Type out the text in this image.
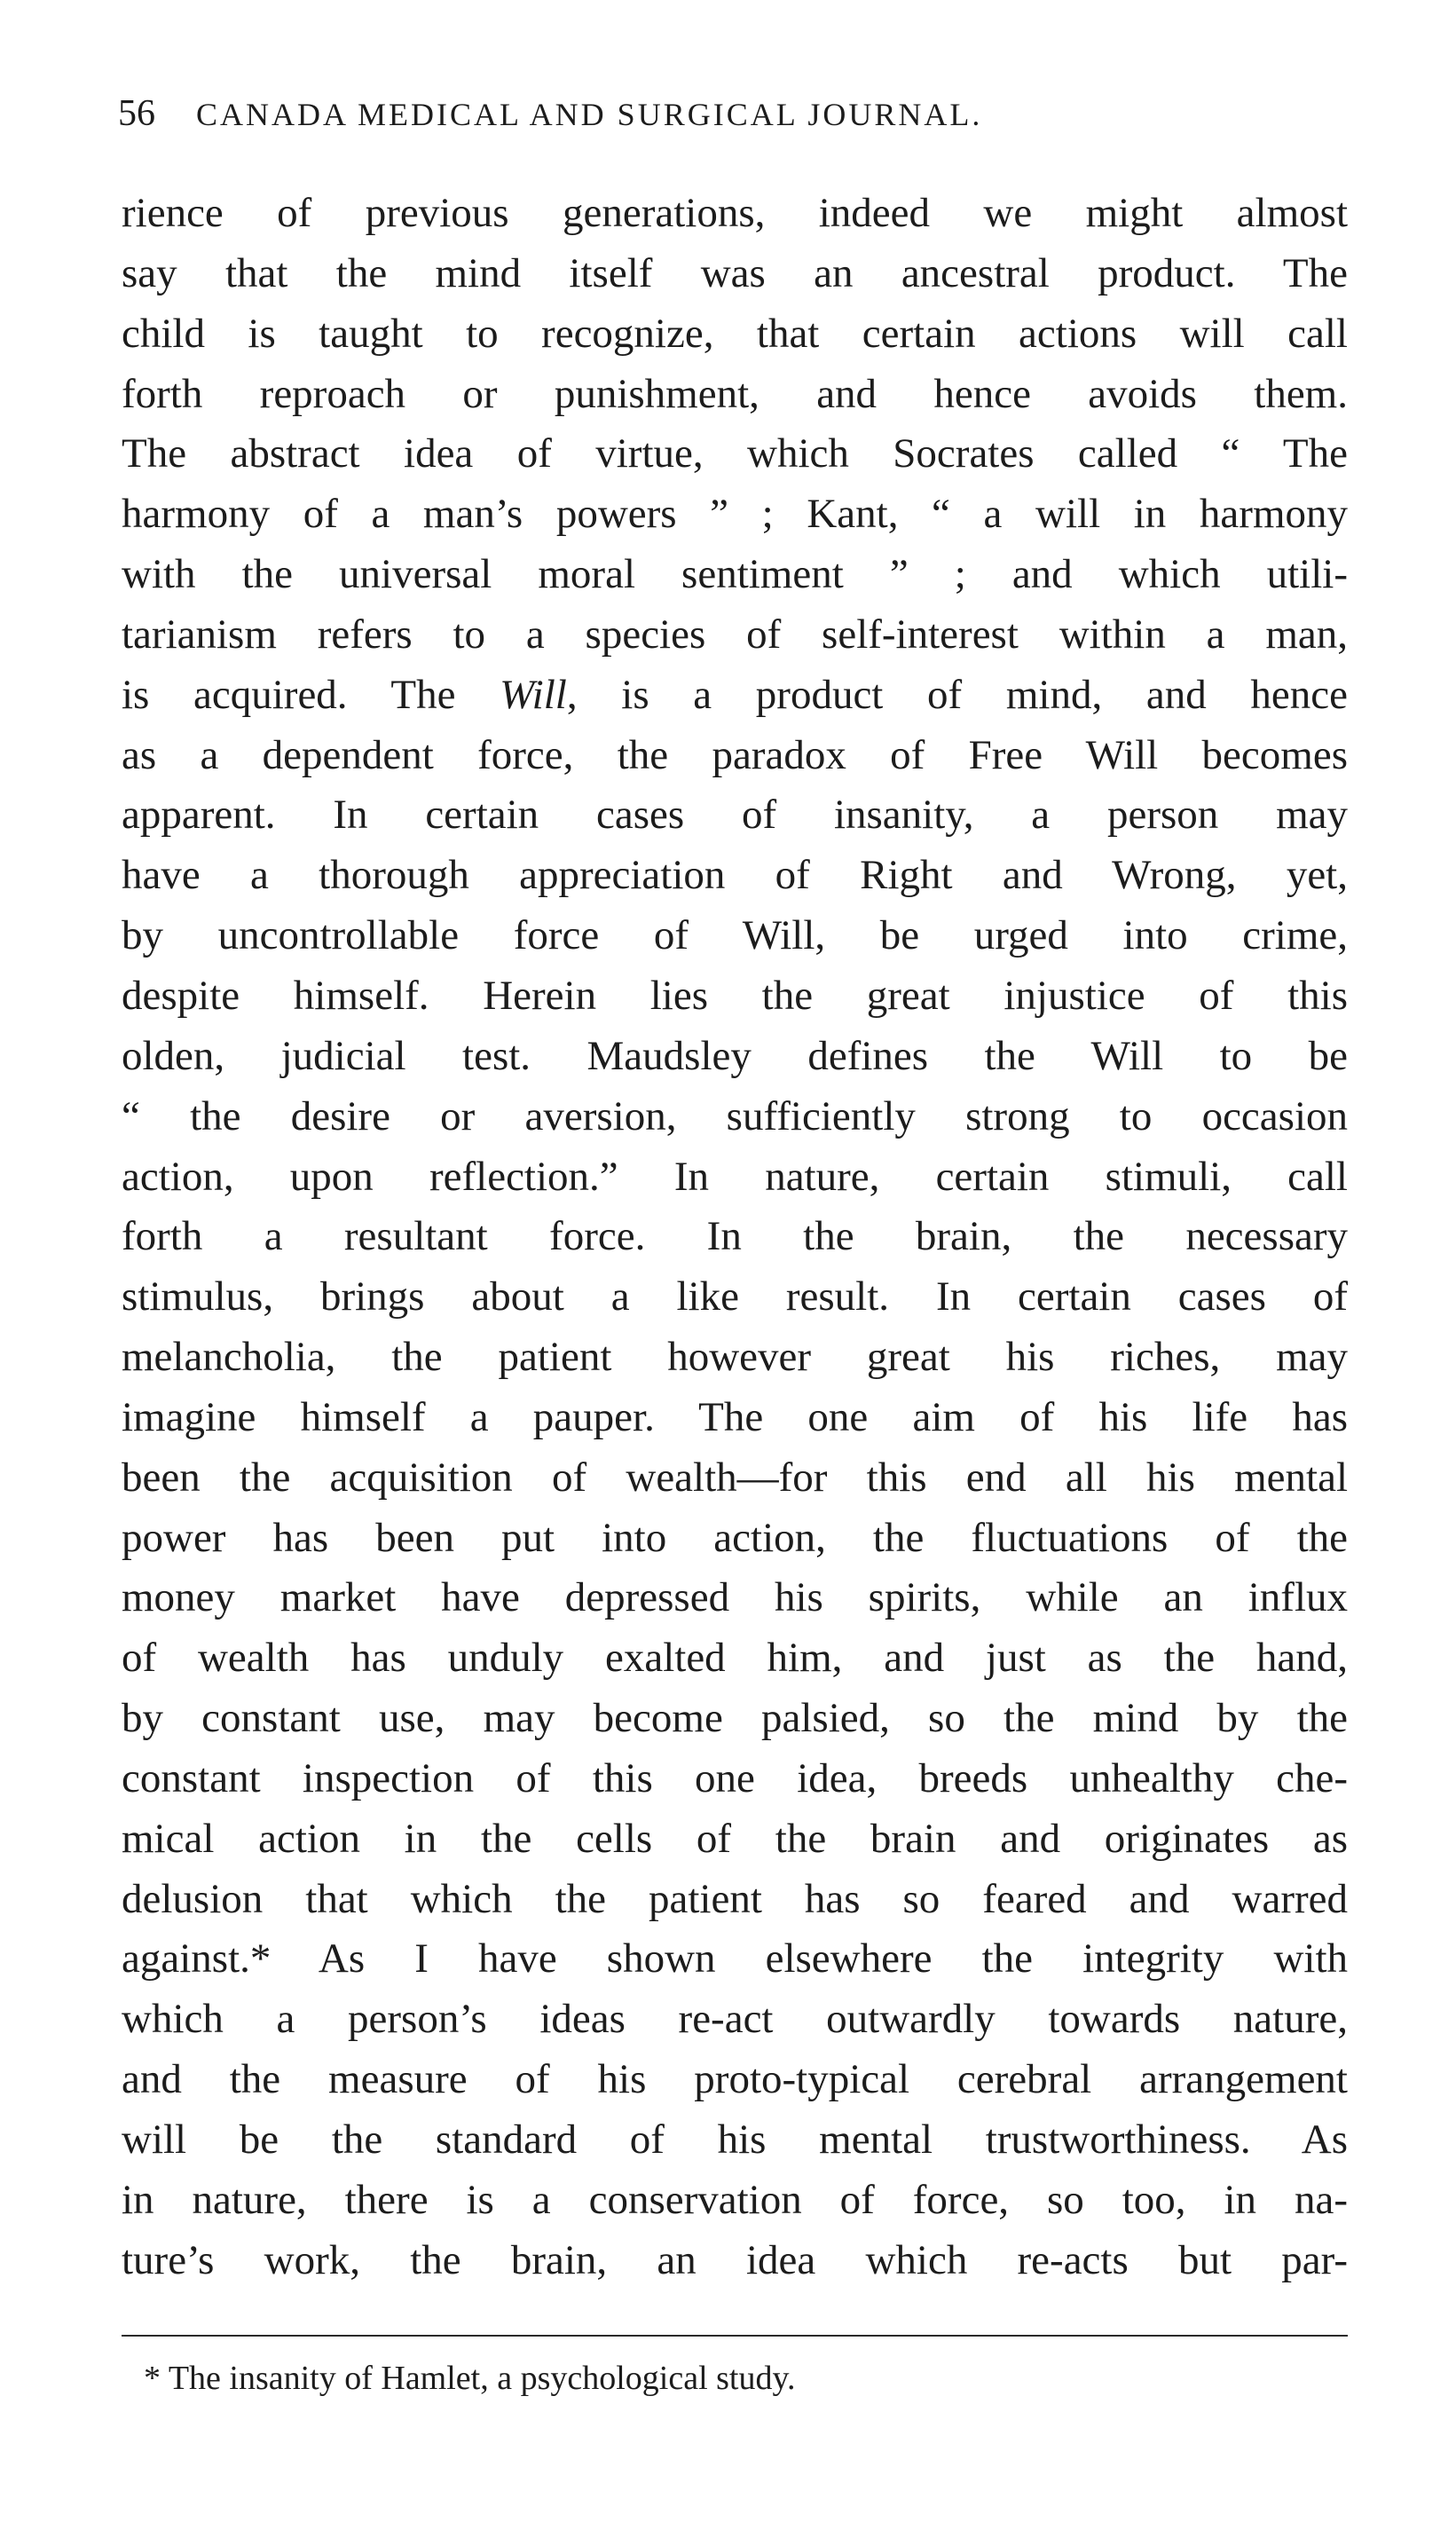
56 CANADA MEDICAL AND SURGICAL JOURNAL.
rience of previous generations, indeed we might almost
say that the mind itself was an ancestral product. The
child is taught to recognize, that certain actions will call
forth reproach or punishment, and hence avoids them.
The abstract idea of virtue, which Socrates called “ The
harmony of a man’s powers ” ; Kant, “ a will in harmony
with the universal moral sentiment ” ; and which utili-
tarianism refers to a species of self-interest within a man,
is acquired. The Will, is a product of mind, and hence
as a dependent force, the paradox of Free Will becomes
apparent. In certain cases of insanity, a person may
have a thorough appreciation of Right and Wrong, yet,
by uncontrollable force of Will, be urged into crime,
despite himself. Herein lies the great injustice of this
olden, judicial test. Maudsley defines the Will to be
“ the desire or aversion, sufficiently strong to occasion
action, upon reflection.” In nature, certain stimuli, call
forth a resultant force. In the brain, the necessary
stimulus, brings about a like result. In certain cases of
melancholia, the patient however great his riches, may
imagine himself a pauper. The one aim of his life has
been the acquisition of wealth—for this end all his mental
power has been put into action, the fluctuations of the
money market have depressed his spirits, while an influx
of wealth has unduly exalted him, and just as the hand,
by constant use, may become palsied, so the mind by the
constant inspection of this one idea, breeds unhealthy che-
mical action in the cells of the brain and originates as
delusion that which the patient has so feared and warred
against.* As I have shown elsewhere the integrity with
which a person’s ideas re-act outwardly towards nature,
and the measure of his proto-typical cerebral arrangement
will be the standard of his mental trustworthiness. As
in nature, there is a conservation of force, so too, in na-
ture’s work, the brain, an idea which re-acts but par-
* The insanity of Hamlet, a psychological study.
